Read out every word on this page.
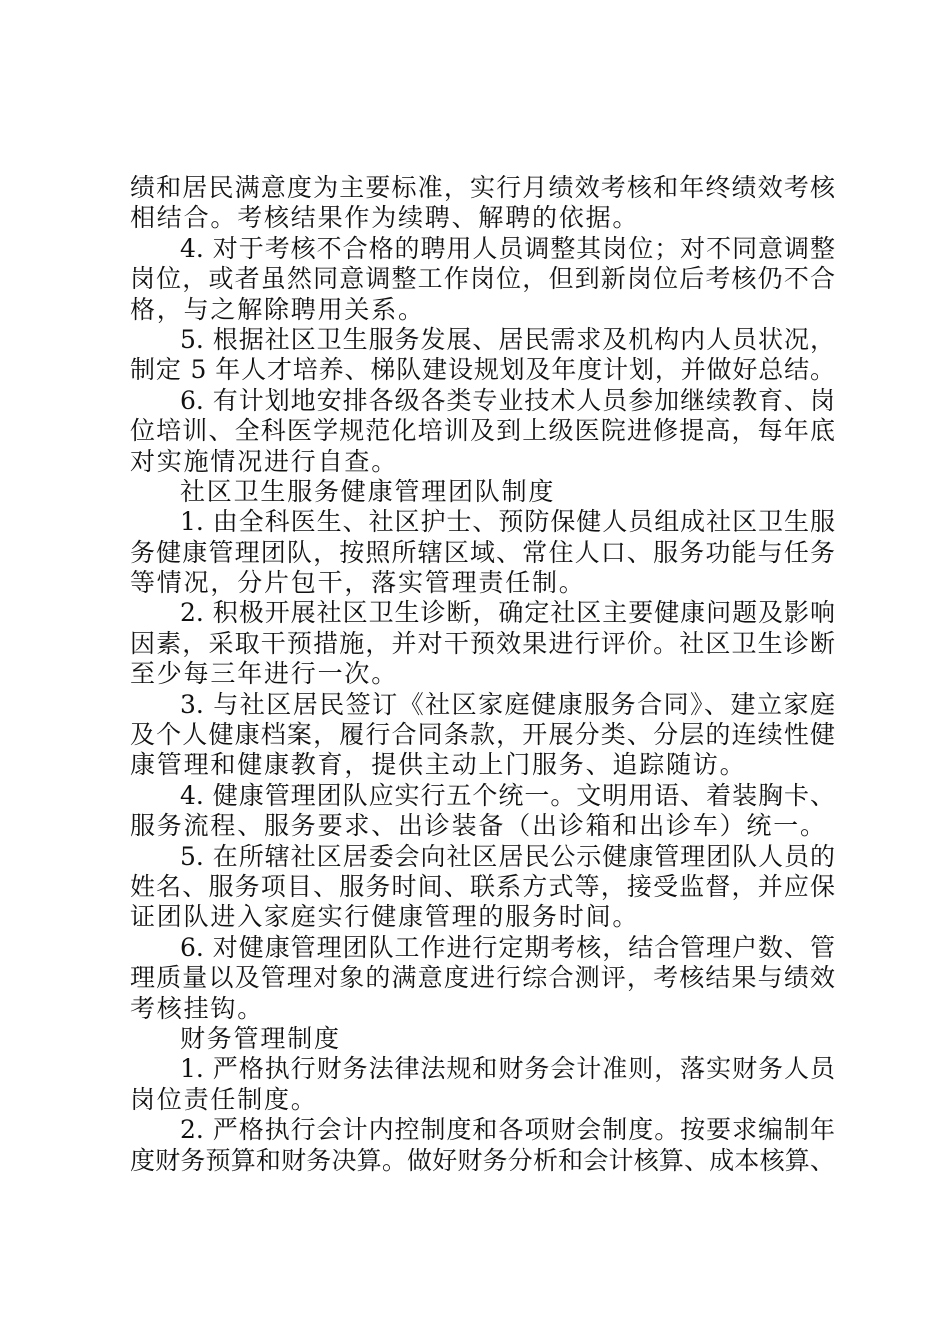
绩和居民满意度为主要标准，实行月绩效考核和年终绩效考核
相结合。考核结果作为续聘、解聘的依据。
4. 对于考核不合格的聘用人员调整其岗位；对不同意调整
岗位，或者虽然同意调整工作岗位，但到新岗位后考核仍不合
格，与之解除聘用关系。
5. 根据社区卫生服务发展、居民需求及机构内人员状况，
制定 5 年人才培养、梯队建设规划及年度计划，并做好总结。
6. 有计划地安排各级各类专业技术人员参加继续教育、岗
位培训、全科医学规范化培训及到上级医院进修提高，每年底
对实施情况进行自查。
社区卫生服务健康管理团队制度
1. 由全科医生、社区护士、预防保健人员组成社区卫生服
务健康管理团队，按照所辖区域、常住人口、服务功能与任务
等情况，分片包干，落实管理责任制。
2. 积极开展社区卫生诊断，确定社区主要健康问题及影响
因素，采取干预措施，并对干预效果进行评价。社区卫生诊断
至少每三年进行一次。
3. 与社区居民签订《社区家庭健康服务合同》、建立家庭
及个人健康档案，履行合同条款，开展分类、分层的连续性健
康管理和健康教育，提供主动上门服务、追踪随访。
4. 健康管理团队应实行五个统一。文明用语、着装胸卡、
服务流程、服务要求、出诊装备（出诊箱和出诊车）统一。
5. 在所辖社区居委会向社区居民公示健康管理团队人员的
姓名、服务项目、服务时间、联系方式等，接受监督，并应保
证团队进入家庭实行健康管理的服务时间。
6. 对健康管理团队工作进行定期考核，结合管理户数、管
理质量以及管理对象的满意度进行综合测评，考核结果与绩效
考核挂钩。
财务管理制度
1. 严格执行财务法律法规和财务会计准则，落实财务人员
岗位责任制度。
2. 严格执行会计内控制度和各项财会制度。按要求编制年
度财务预算和财务决算。做好财务分析和会计核算、成本核算、
